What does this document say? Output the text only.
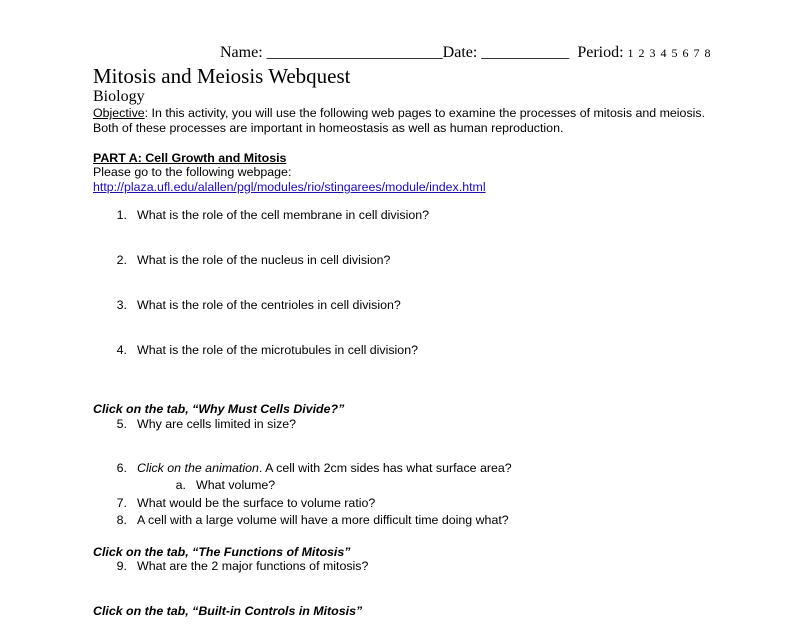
Name: ______________________Date: ___________ Period: 1 2 3 4 5 6 7 8
Mitosis and Meiosis Webquest
Biology
Objective: In this activity, you will use the following web pages to examine the processes of mitosis and meiosis. Both of these processes are important in homeostasis as well as human reproduction.
PART A: Cell Growth and Mitosis
Please go to the following webpage:
http://plaza.ufl.edu/alallen/pgl/modules/rio/stingarees/module/index.html
1. What is the role of the cell membrane in cell division?
2. What is the role of the nucleus in cell division?
3. What is the role of the centrioles in cell division?
4. What is the role of the microtubules in cell division?
Click on the tab, “Why Must Cells Divide?”
5. Why are cells limited in size?
6. Click on the animation. A cell with 2cm sides has what surface area?
a. What volume?
7. What would be the surface to volume ratio?
8. A cell with a large volume will have a more difficult time doing what?
Click on the tab, “The Functions of Mitosis”
9. What are the 2 major functions of mitosis?
Click on the tab, “Built-in Controls in Mitosis”
